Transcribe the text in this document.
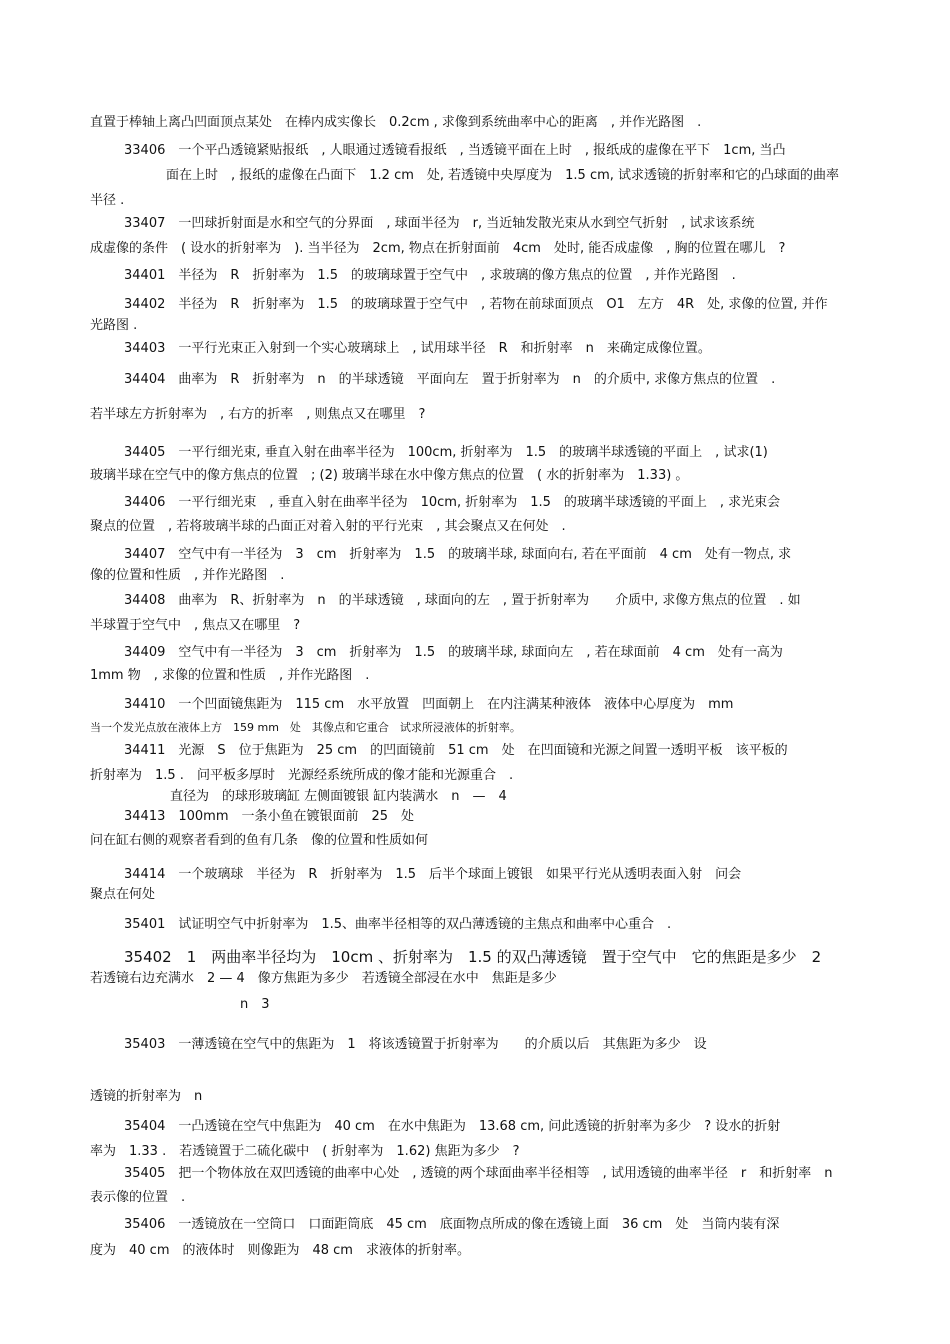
直置于棒轴上离凸凹面顶点某处　在棒内成实像长　0.2cm , 求像到系统曲率中心的距离　, 并作光路图　.
33406　一个平凸透镜紧贴报纸　, 人眼通过透镜看报纸　, 当透镜平面在上时　, 报纸成的虚像在平下　1cm, 当凸
面在上时　, 报纸的虚像在凸面下　1.2 cm　处, 若透镜中央厚度为　1.5 cm, 试求透镜的折射率和它的凸球面的曲率
半径 .
33407　一凹球折射面是水和空气的分界面　, 球面半径为　r, 当近轴发散光束从水到空气折射　, 试求该系统
成虚像的条件　( 设水的折射率为　). 当半径为　2cm, 物点在折射面前　4cm　处时, 能否成虚像　, 胸的位置在哪儿　?
34401　半径为　R　折射率为　1.5　的玻璃球置于空气中　, 求玻璃的像方焦点的位置　, 并作光路图　.
34402　半径为　R　折射率为　1.5　的玻璃球置于空气中　, 若物在前球面顶点　O1　左方　4R　处, 求像的位置, 并作
光路图 .
34403　一平行光束正入射到一个实心玻璃球上　, 试用球半径　R　和折射率　n　来确定成像位置。
34404　曲率为　R　折射率为　n　的半球透镜　平面向左　置于折射率为　n　的介质中, 求像方焦点的位置　.
若半球左方折射率为　, 右方的折率　, 则焦点又在哪里　?
34405　一平行细光束, 垂直入射在曲率半径为　100cm, 折射率为　1.5　的玻璃半球透镜的平面上　, 试求(1)
玻璃半球在空气中的像方焦点的位置　; (2) 玻璃半球在水中像方焦点的位置　( 水的折射率为　1.33) 。
34406　一平行细光束　, 垂直入射在曲率半径为　10cm, 折射率为　1.5　的玻璃半球透镜的平面上　, 求光束会
聚点的位置　, 若将玻璃半球的凸面正对着入射的平行光束　, 其会聚点又在何处　.
34407　空气中有一半径为　3　cm　折射率为　1.5　的玻璃半球, 球面向右, 若在平面前　4 cm　处有一物点, 求
像的位置和性质　, 并作光路图　.
34408　曲率为　R、折射率为　n　的半球透镜　, 球面向的左　, 置于折射率为　　介质中, 求像方焦点的位置　. 如
半球置于空气中　, 焦点又在哪里　?
34409　空气中有一半径为　3　cm　折射率为　1.5　的玻璃半球, 球面向左　, 若在球面前　4 cm　处有一高为
1mm 物　, 求像的位置和性质　, 并作光路图　.
34410　一个凹面镜焦距为　115 cm　水平放置　凹面朝上　在内注满某种液体　液体中心厚度为　mm
当一个发光点放在液体上方　159 mm　处　其像点和它重合　试求所浸液体的折射率。
34411　光源　S　位于焦距为　25 cm　的凹面镜前　51 cm　处　在凹面镜和光源之间置一透明平板　该平板的
折射率为　1.5 .　问平板多厚时　光源经系统所成的像才能和光源重合　.
直径为　的球形玻璃缸 左侧面镀银 缸内装满水　n　—　4
34413　100mm　一条小鱼在镀银面前　25　处
问在缸右侧的观察者看到的鱼有几条　像的位置和性质如何
34414　一个玻璃球　半径为　R　折射率为　1.5　后半个球面上镀银　如果平行光从透明表面入射　问会
聚点在何处
35401　试证明空气中折射率为　1.5、曲率半径相等的双凸薄透镜的主焦点和曲率中心重合　.
35402　1　两曲率半径均为　10cm 、折射率为　1.5 的双凸薄透镜　置于空气中　它的焦距是多少　2
若透镜右边充满水　2 — 4　像方焦距为多少　若透镜全部浸在水中　焦距是多少
n　3
35403　一薄透镜在空气中的焦距为　1　将该透镜置于折射率为　　的介质以后　其焦距为多少　设
透镜的折射率为　n
35404　一凸透镜在空气中焦距为　40 cm　在水中焦距为　13.68 cm, 问此透镜的折射率为多少　? 设水的折射
率为　1.33 .　若透镜置于二硫化碳中　( 折射率为　1.62) 焦距为多少　?
35405　把一个物体放在双凹透镜的曲率中心处　, 透镜的两个球面曲率半径相等　, 试用透镜的曲率半径　r　和折射率　n
表示像的位置　.
35406　一透镜放在一空筒口　口面距筒底　45 cm　底面物点所成的像在透镜上面　36 cm　处　当筒内装有深
度为　40 cm　的液体时　则像距为　48 cm　求液体的折射率。
